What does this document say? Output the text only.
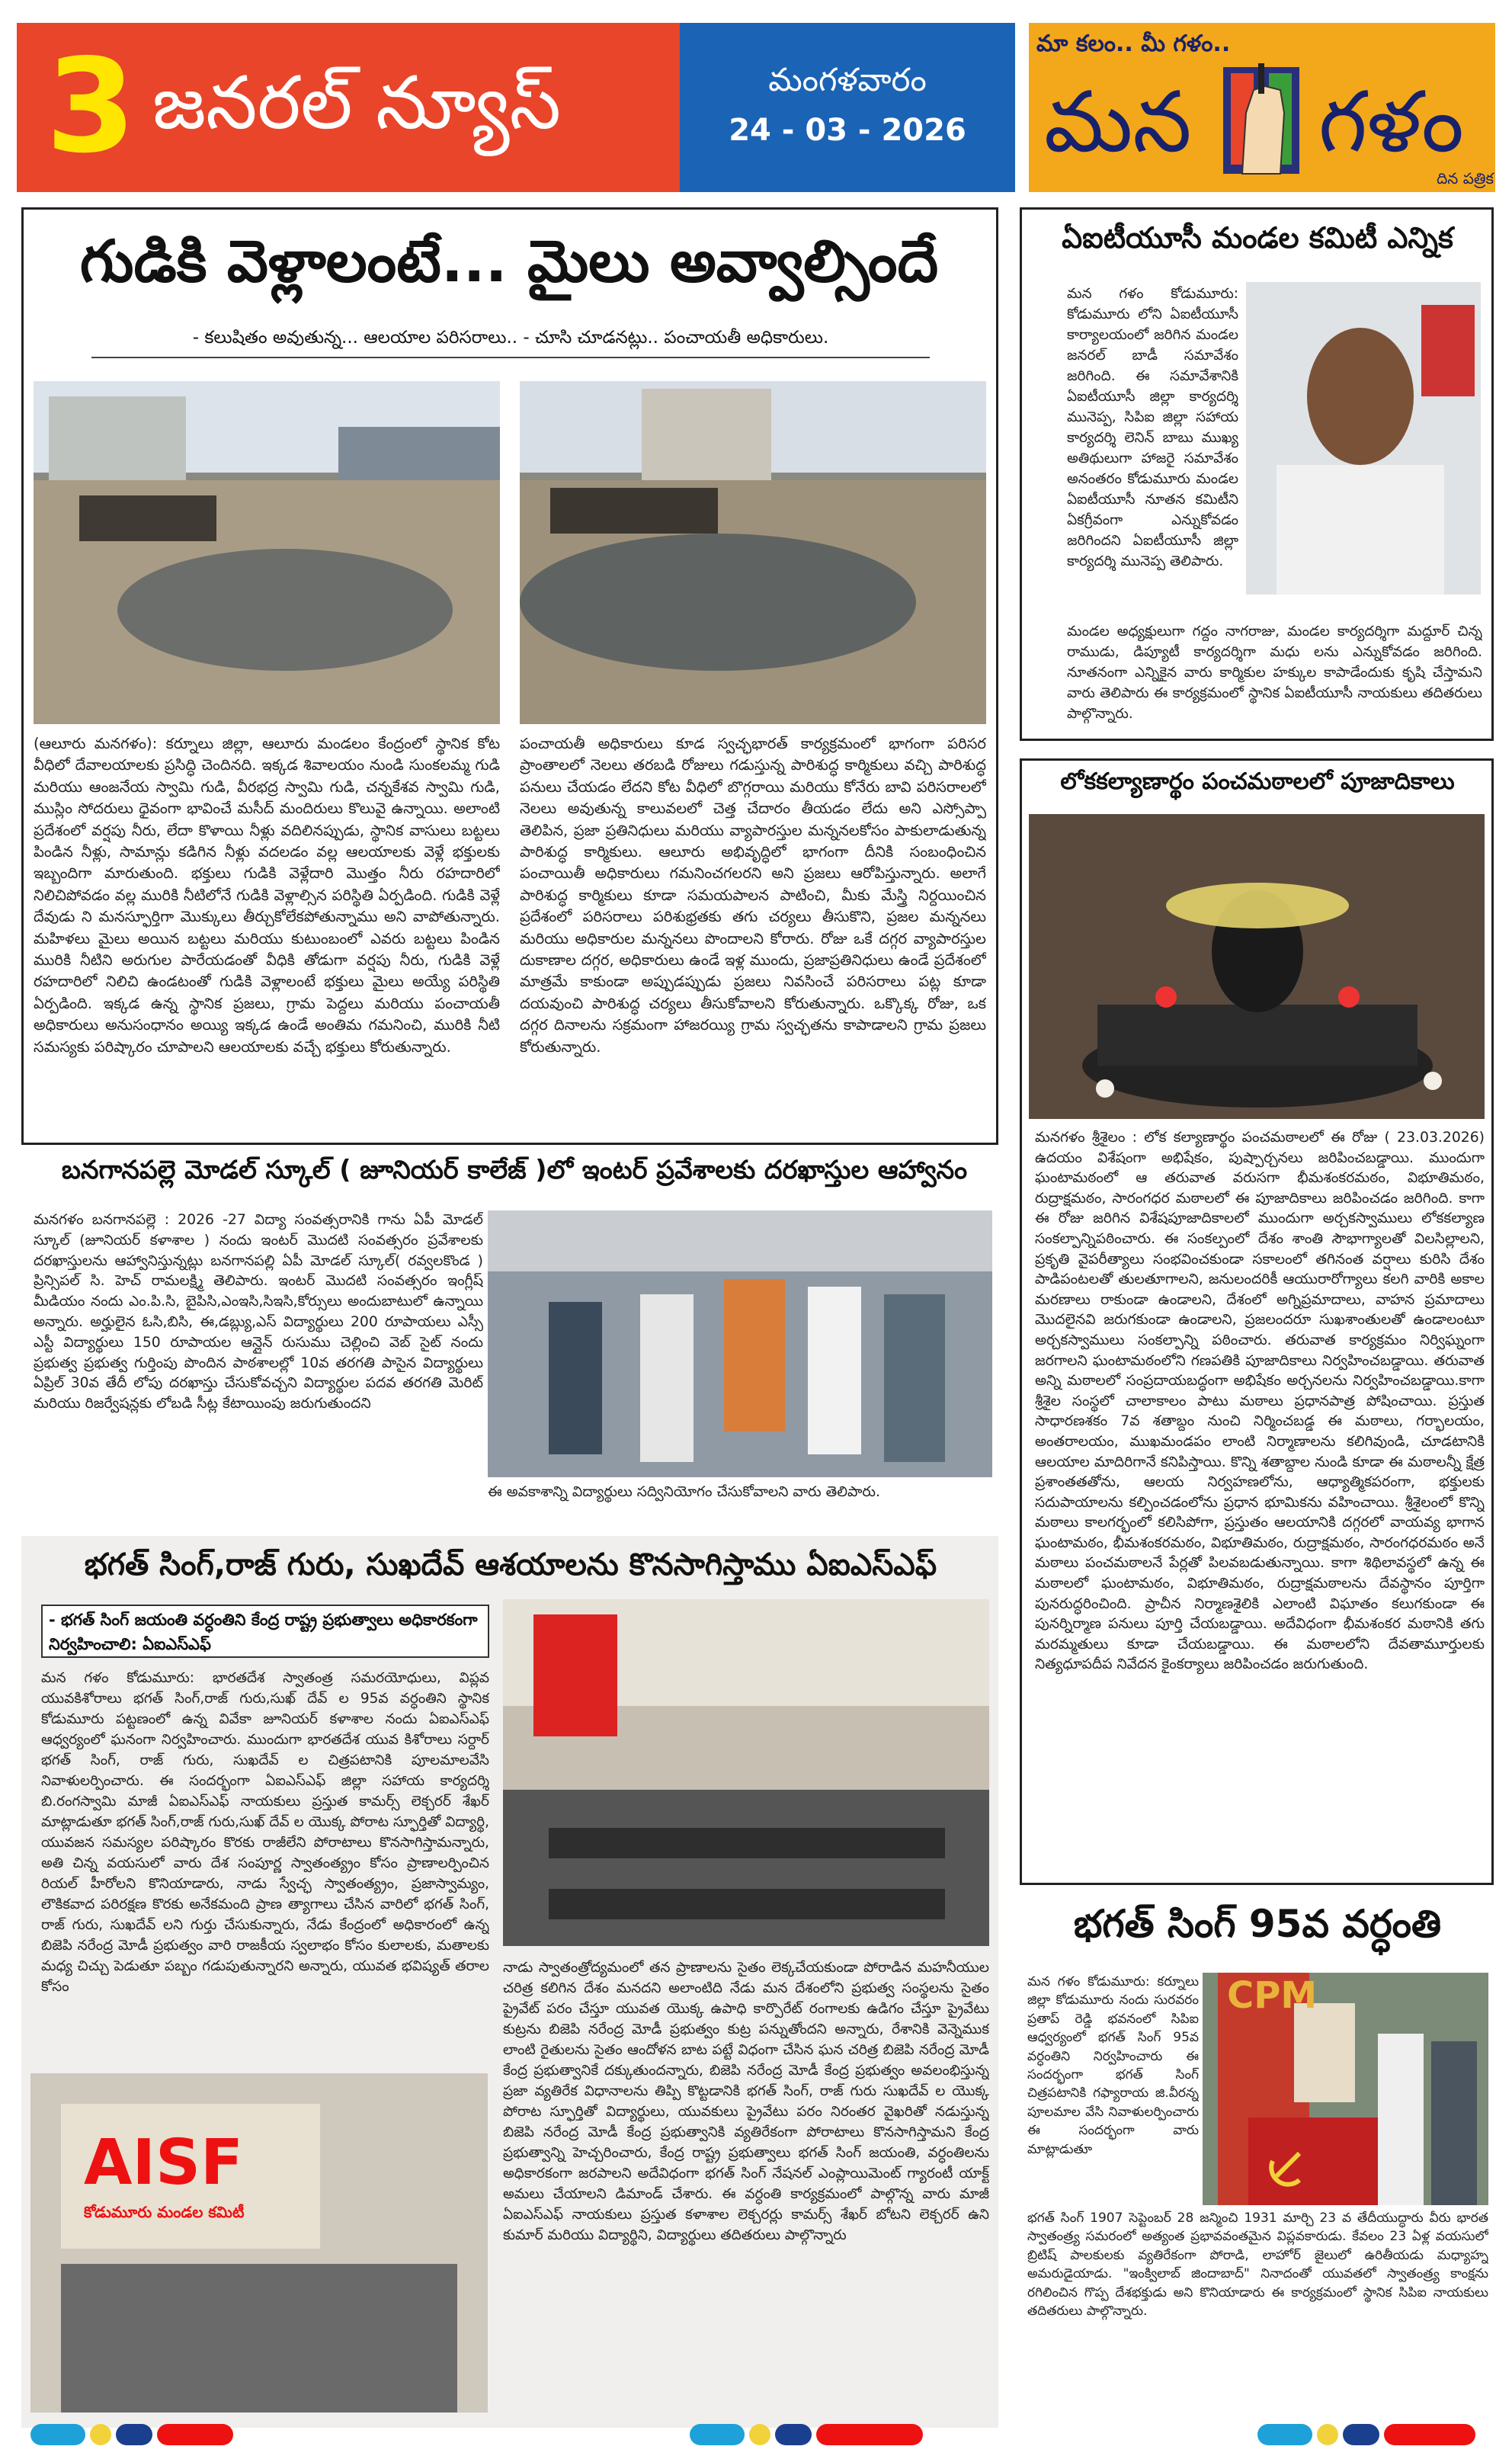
3 జనరల్ న్యూస్	మంగళవారం
24 - 03 - 2026
మా కలం.. మీ గళం..
మన గళం
దిన పత్రిక
గుడికి వెళ్లాలంటే... మైలు అవ్వాల్సిందే
- కలుషితం అవుతున్న... ఆలయాల పరిసరాలు.. - చూసి చూడనట్లు.. పంచాయతీ అధికారులు.
(ఆలూరు మనగళం): కర్నూలు జిల్లా, ఆలూరు మండలం కేంద్రంలో స్థానిక కోట వీధిలో దేవాలయాలకు ప్రసిద్ధి చెందినది. ఇక్కడ శివాలయం నుండి సుంకలమ్మ గుడి మరియు ఆంజనేయ స్వామి గుడి, వీరభద్ర స్వామి గుడి, చన్నకేశవ స్వామి గుడి, ముస్లిం సోదరులు ధైవంగా భావించే మసీద్ మందిరులు కొలువై ఉన్నాయి. అలాంటి ప్రదేశంలో వర్షపు నీరు, లేదా కొళాయి నీళ్లు వదిలినప్పుడు, స్థానిక వాసులు బట్టలు పిండిన నీళ్లు, సామాన్లు కడిగిన నీళ్లు వదలడం వల్ల ఆలయాలకు వెళ్లే భక్తులకు ఇబ్బందిగా మారుతుంది. భక్తులు గుడికి వెళ్లేదారి మొత్తం నీరు రహదారిలో నిలిచిపోవడం వల్ల మురికి నీటిలోనే గుడికి వెళ్లాల్సిన పరిస్థితి ఏర్పడింది. గుడికి వెళ్లే దేవుడు ని మనస్ఫూర్తిగా మొక్కులు తీర్చుకోలేకపోతున్నాము అని వాపోతున్నారు. మహిళలు మైలు అయిన బట్టలు మరియు కుటుంబంలో ఎవరు బట్టలు పిండిన మురికి నీటిని అరుగుల పారేయడంతో వీధికి తోడుగా వర్షపు నీరు, గుడికి వెళ్లే రహదారిలో నిలిచి ఉండటంతో గుడికి వెళ్లాలంటే భక్తులు మైలు అయ్యే పరిస్థితి ఏర్పడింది. ఇక్కడ ఉన్న స్థానిక ప్రజలు, గ్రామ పెద్దలు మరియు పంచాయతీ అధికారులు అనుసంధానం అయ్యి ఇక్కడ ఉండే అంతిమ గమనించి, మురికి నీటి సమస్యకు పరిష్కారం చూపాలని ఆలయాలకు వచ్చే భక్తులు కోరుతున్నారు.
పంచాయతీ అధికారులు కూడ స్వచ్ఛభారత్ కార్యక్రమంలో భాగంగా పరిసర ప్రాంతాలలో నెలలు తరబడి రోజులు గడుస్తున్న పారిశుద్ధ కార్మికులు వచ్చి పారిశుద్ధ పనులు చేయడం లేదని కోట వీధిలో బొగ్గరాయి మరియు కోనేరు బావి పరిసరాలలో నెలలు అవుతున్న కాలువలలో చెత్త చేదారం తీయడం లేదు అని ఎస్సోప్పా తెలిపిన, ప్రజా ప్రతినిధులు మరియు వ్యాపారస్తుల మన్ననలకోసం పాకులాడుతున్న పారిశుద్ధ కార్మికులు. ఆలూరు అభివృద్ధిలో భాగంగా దీనికి సంబంధించిన పంచాయితీ అధికారులు గమనించగలరని అని ప్రజలు ఆరోపిస్తున్నారు. అలాగే పారిశుద్ధ కార్మికులు కూడా సమయపాలన పాటించి, మీకు మేస్త్రి నిర్దయించిన ప్రదేశంలో పరిసరాలు పరిశుభ్రతకు తగు చర్యలు తీసుకొని, ప్రజల మన్ననలు మరియు అధికారుల మన్ననలు పొందాలని కోరారు. రోజు ఒకే దగ్గర వ్యాపారస్తుల దుకాణాల దగ్గర, అధికారులు ఉండే ఇళ్ల ముందు, ప్రజాప్రతినిధులు ఉండే ప్రదేశంలో మాత్రమే కాకుండా అప్పుడప్పుడు ప్రజలు నివసించే పరిసరాలు పట్ల కూడా దయవుంచి పారిశుద్ధ చర్యలు తీసుకోవాలని కోరుతున్నారు. ఒక్కొక్క రోజు, ఒక దగ్గర దినాలను సక్రమంగా హాజరయ్యి గ్రామ స్వచ్ఛతను కాపాడాలని గ్రామ ప్రజలు కోరుతున్నారు.
ఏఐటీయూసీ మండల కమిటీ ఎన్నిక
మన గళం కోడుమూరు: కోడుమూరు లోని ఏఐటీయూసీ కార్యాలయంలో జరిగిన మండల జనరల్ బాడీ సమావేశం జరిగింది. ఈ సమావేశానికి ఏఐటీయూసీ జిల్లా కార్యదర్శి మునెప్ప, సిపిఐ జిల్లా సహాయ కార్యదర్శి లెనిన్ బాబు ముఖ్య అతిథులుగా హాజరై సమావేశం అనంతరం కోడుమూరు మండల ఏఐటీయూసీ నూతన కమిటీని ఏకగ్రీవంగా ఎన్నుకోవడం జరిగిందని ఏఐటీయూసీ జిల్లా కార్యదర్శి మునెప్ప తెలిపారు.
మండల అధ్యక్షులుగా గద్దం నాగరాజు, మండల కార్యదర్శిగా మద్దూర్ చిన్న రాముడు, డిప్యూటీ కార్యదర్శిగా మధు లను ఎన్నుకోవడం జరిగింది. నూతనంగా ఎన్నికైన వారు కార్మికుల హక్కుల కాపాడేందుకు కృషి చేస్తామని వారు తెలిపారు ఈ కార్యక్రమంలో స్థానిక ఏఐటీయూసీ నాయకులు తదితరులు పాల్గొన్నారు.
లోకకల్యాణార్థం పంచమఠాలలో పూజాదికాలు
మనగళం శ్రీశైలం : లోక కల్యాణార్థం పంచమఠాలలో ఈ రోజు ( 23.03.2026) ఉదయం విశేషంగా అభిషేకం, పుష్పార్చనలు జరిపించబడ్డాయి. ముందుగా ఘంటామఠంలో ఆ తరువాత వరుసగా భీమశంకరమఠం, విభూతిమఠం, రుద్రాక్షమఠం, సారంగధర మఠాలలో ఈ పూజాదికాలు జరిపించడం జరిగింది. కాగా ఈ రోజు జరిగిన విశేషపూజాదికాలలో ముందుగా అర్చకస్వాములు లోకకల్యాణ సంకల్పాన్నిపఠించారు. ఈ సంకల్పంలో దేశం శాంతి సౌభాగ్యాలతో విలసిల్లాలని, ప్రకృతి వైపరీత్యాలు సంభవించకుండా సకాలంలో తగినంత వర్షాలు కురిసి దేశం పాడిపంటలతో తులతూగాలని, జనులందరికీ ఆయురారోగ్యాలు కలగి వారికి అకాల మరణాలు రాకుండా ఉండాలని, దేశంలో అగ్నిప్రమాదాలు, వాహన ప్రమాదాలు మొదలైనవి జరుగకుండా ఉండాలని, ప్రజలందరూ సుఖశాంతులతో ఉండాలంటూ అర్చకస్వాములు సంకల్పాన్ని పఠించారు. తరువాత కార్యక్రమం నిర్విఘ్నంగా జరగాలని ఘంటామఠంలోని గణపతికి పూజాదికాలు నిర్వహించబడ్డాయి. తరువాత అన్ని మఠాలలో సంప్రదాయబద్ధంగా అభిషేకం అర్చనలను నిర్వహించబడ్డాయి.కాగా శ్రీశైల సంస్థలో చాలాకాలం పాటు మఠాలు ప్రధానపాత్ర పోషించాయి. ప్రస్తుత సాధారణశకం 7వ శతాబ్దం నుంచి నిర్మించబడ్డ ఈ మఠాలు, గర్భాలయం, అంతరాలయం, ముఖమండపం లాంటి నిర్మాణాలను కలిగివుండి, చూడటానికి ఆలయాల మాదిరిగానే కనిపిస్తాయి. కొన్ని శతాబ్దాల నుండి కూడా ఈ మఠాలన్నీ క్షేత్ర ప్రశాంతతతోను, ఆలయ నిర్వహణలోను, ఆధ్యాత్మికపరంగా, భక్తులకు సదుపాయాలను కల్పించడంలోను ప్రధాన భూమికను వహించాయి. శ్రీశైలంలో కొన్ని మఠాలు కాలగర్భంలో కలిసిపోగా, ప్రస్తుతం ఆలయానికి దగ్గరలో వాయవ్య భాగాన ఘంటామఠం, భీమశంకరమఠం, విభూతిమఠం, రుద్రాక్షమఠం, సారంగధరమఠం అనే మఠాలు పంచమఠాలనే పేర్లతో పిలవబడుతున్నాయి. కాగా శిథిలావస్థలో ఉన్న ఈ మఠాలలో ఘంటామఠం, విభూతిమఠం, రుద్రాక్షమఠాలను దేవస్థానం పూర్తిగా పునరుద్ధరించింది. ప్రాచీన నిర్మాణశైలికి ఎలాంటి విఘాతం కలుగకుండా ఈ పునర్నిర్మాణ పనులు పూర్తి చేయబడ్డాయి. అదేవిధంగా భీమశంకర మఠానికి తగు మరమ్మతులు కూడా చేయబడ్డాయి. ఈ మఠాలలోని దేవతామూర్తులకు నిత్యధూపదీప నివేదన కైంకర్యాలు జరిపించడం జరుగుతుంది.
బనగానపల్లె మోడల్ స్కూల్ ( జూనియర్ కాలేజ్ )లో ఇంటర్ ప్రవేశాలకు దరఖాస్తుల ఆహ్వానం
మనగళం బనగానపల్లె : 2026 -27 విద్యా సంవత్సరానికి గాను ఏపీ మోడల్ స్కూల్ (జూనియర్ కళాశాల ) నందు ఇంటర్ మొదటి సంవత్సరం ప్రవేశాలకు దరఖాస్తులను ఆహ్వానిస్తున్నట్లు బనగానపల్లి ఏపీ మోడల్ స్కూల్( రవ్వలకొండ ) ప్రిన్సిపల్ సి. హెచ్ రామలక్ష్మి తెలిపారు. ఇంటర్ మొదటి సంవత్సరం ఇంగ్లీష్ మీడియం నందు ఎం.పి.సి, బైపిసి,ఎంఇసి,సిఇసి,కోర్సులు అందుబాటులో ఉన్నాయి అన్నారు. అర్హులైన ఓసి,బిసి, ఈ,డబ్ల్యు,ఎస్ విద్యార్థులు 200 రూపాయలు ఎస్సీ ఎస్టీ విద్యార్థులు 150 రూపాయల ఆన్లైన్ రుసుము చెల్లించి వెబ్ సైట్ నందు ప్రభుత్వ ప్రభుత్వ గుర్తింపు పొందిన పాఠశాలల్లో 10వ తరగతి పాసైన విద్యార్థులు ఏప్రిల్ 30వ తేదీ లోపు దరఖాస్తు చేసుకోవచ్చని విద్యార్థుల పదవ తరగతి మెరిట్ మరియు రిజర్వేషన్లకు లోబడి సీట్ల కేటాయింపు జరుగుతుందని
ఈ అవకాశాన్ని విద్యార్థులు సద్వినియోగం చేసుకోవాలని వారు తెలిపారు.
భగత్ సింగ్,రాజ్ గురు, సుఖదేవ్ ఆశయాలను కొనసాగిస్తాము ఏఐఎస్ఎఫ్
- భగత్ సింగ్ జయంతి వర్ధంతిని కేంద్ర రాష్ట్ర ప్రభుత్వాలు అధికారకంగా నిర్వహించాలి: ఏఐఎస్ఎఫ్
మన గళం కోడుమూరు: భారతదేశ స్వాతంత్ర సమరయోధులు, విప్లవ యువకిశోరాలు భగత్ సింగ్,రాజ్ గురు,సుఖ్ దేవ్ ల 95వ వర్ధంతిని స్థానిక కోడుమూరు పట్టణంలో ఉన్న వివేకా జూనియర్ కళాశాల నందు ఏఐఎస్ఎఫ్ ఆధ్వర్యంలో ఘనంగా నిర్వహించారు. ముందుగా భారతదేశ యువ కిశోరాలు సర్దార్ భగత్ సింగ్, రాజ్ గురు, సుఖదేవ్ ల చిత్రపటానికి పూలమాలవేసి నివాళులర్పించారు. ఈ సందర్భంగా ఏఐఎస్ఎఫ్ జిల్లా సహాయ కార్యదర్శి బి.రంగస్వామి మాజీ ఏఐఎస్ఎఫ్ నాయకులు ప్రస్తుత కామర్స్ లెక్చరర్ శేఖర్ మాట్లాడుతూ భగత్ సింగ్,రాజ్ గురు,సుఖ్ దేవ్ ల యొక్క పోరాట స్ఫూర్తితో విద్యార్థి, యువజన సమస్యల పరిష్కారం కొరకు రాజీలేని పోరాటాలు కొనసాగిస్తామన్నారు, అతి చిన్న వయసులో వారు దేశ సంపూర్ణ స్వాతంత్య్రం కోసం ప్రాణాలర్పించిన రియల్ హీరోలని కొనియాడారు, నాడు స్వేచ్ఛ స్వాతంత్య్రం, ప్రజాస్వామ్యం, లౌకికవాద పరిరక్షణ కొరకు అనేకమంది ప్రాణ త్యాగాలు చేసిన వారిలో భగత్ సింగ్, రాజ్ గురు, సుఖదేవ్ లని గుర్తు చేసుకున్నారు, నేడు కేంద్రంలో అధికారంలో ఉన్న బిజెపి నరేంద్ర మోడీ ప్రభుత్వం వారి రాజకీయ స్వలాభం కోసం కులాలకు, మతాలకు మధ్య చిచ్చు పెడుతూ పబ్బం గడుపుతున్నారని అన్నారు, యువత భవిష్యత్ తరాల కోసం
నాడు స్వాతంత్రోద్యమంలో తన ప్రాణాలను సైతం లెక్కచేయకుండా పోరాడిన మహనీయుల చరిత్ర కలిగిన దేశం మనదని అలాంటిది నేడు మన దేశంలోని ప్రభుత్వ సంస్థలను సైతం ప్రైవేట్ పరం చేస్తూ యువత యొక్క ఉపాధి కార్పొరేట్ రంగాలకు ఉడిగం చేస్తూ ప్రైవేటు కుట్రను బిజెపి నరేంద్ర మోడీ ప్రభుత్వం కుట్ర పన్నుతోందని అన్నారు, రేశానికి వెన్నెముక లాంటి రైతులను సైతం ఆందోళన బాట పట్టే విధంగా చేసిన ఘన చరిత్ర బిజెపి నరేంద్ర మోడీ కేంద్ర ప్రభుత్వానికే దక్కుతుందన్నారు, బిజెపి నరేంద్ర మోడీ కేంద్ర ప్రభుత్వం అవలంభిస్తున్న ప్రజా వ్యతిరేక విధానాలను తిప్పి కొట్టడానికి భగత్ సింగ్, రాజ్ గురు సుఖదేవ్ ల యొక్క పోరాట స్ఫూర్తితో విద్యార్థులు, యువకులు ప్రైవేటు పరం నిరంతర వైఖరితో నడుస్తున్న బిజెపి నరేంద్ర మోడీ కేంద్ర ప్రభుత్వానికి వ్యతిరేకంగా పోరాటాలు కొనసాగిస్తామని కేంద్ర ప్రభుత్వాన్ని హెచ్చరించారు, కేంద్ర రాష్ట్ర ప్రభుత్వాలు భగత్ సింగ్ జయంతి, వర్ధంతిలను అధికారకంగా జరపాలని అదేవిధంగా భగత్ సింగ్ నేషనల్ ఎంప్లాయిమెంట్ గ్యారంటీ యాక్ట్ అమలు చేయాలని డిమాండ్ చేశారు. ఈ వర్ధంతి కార్యక్రమంలో పాల్గొన్న వారు మాజీ ఏఐఎస్ఎఫ్ నాయకులు ప్రస్తుత కళాశాల లెక్చరర్లు కామర్స్ శేఖర్ బోటని లెక్చరర్ ఉని కుమార్ మరియు విద్యార్థిని, విద్యార్థులు తదితరులు పాల్గొన్నారు
AISF
కోడుమూరు మండల కమిటీ
భగత్ సింగ్ 95వ వర్ధంతి
మన గళం కోడుమూరు: కర్నూలు జిల్లా కోడుమూరు నందు సురవరం ప్రతాప్ రెడ్డి భవనంలో సిపిఐ ఆధ్వర్యంలో భగత్ సింగ్ 95వ వర్ధంతిని నిర్వహించారు ఈ సందర్భంగా భగత్ సింగ్ చిత్రపటానికి గఫ్యారాయ జి.వీరన్న పూలమాల వేసి నివాళులర్పించారు ఈ సందర్భంగా వారు మాట్లాడుతూ
CPM
భగత్ సింగ్ 1907 సెప్టెంబర్ 28 జన్మించి 1931 మార్చి 23 వ తేదీయుద్ధారు వీరు భారత స్వాతంత్ర్య సమరంలో అత్యంత ప్రభావవంతమైన విప్లవకారుడు. కేవలం 23 ఏళ్ల వయసులో బ్రిటిష్ పాలకులకు వ్యతిరేకంగా పోరాడి, లాహోర్ జైలులో ఉరితీయడు మధ్యాహ్న అమరుడైయాడు. "ఇంక్విలాబ్ జిందాబాద్" నినాదంతో యువతలో స్వాతంత్ర్య కాంక్షను రగిలించిన గొప్ప దేశభక్తుడు అని కొనియాడారు ఈ కార్యక్రమంలో స్థానిక సిపిఐ నాయకులు తదితరులు పాల్గొన్నారు.
